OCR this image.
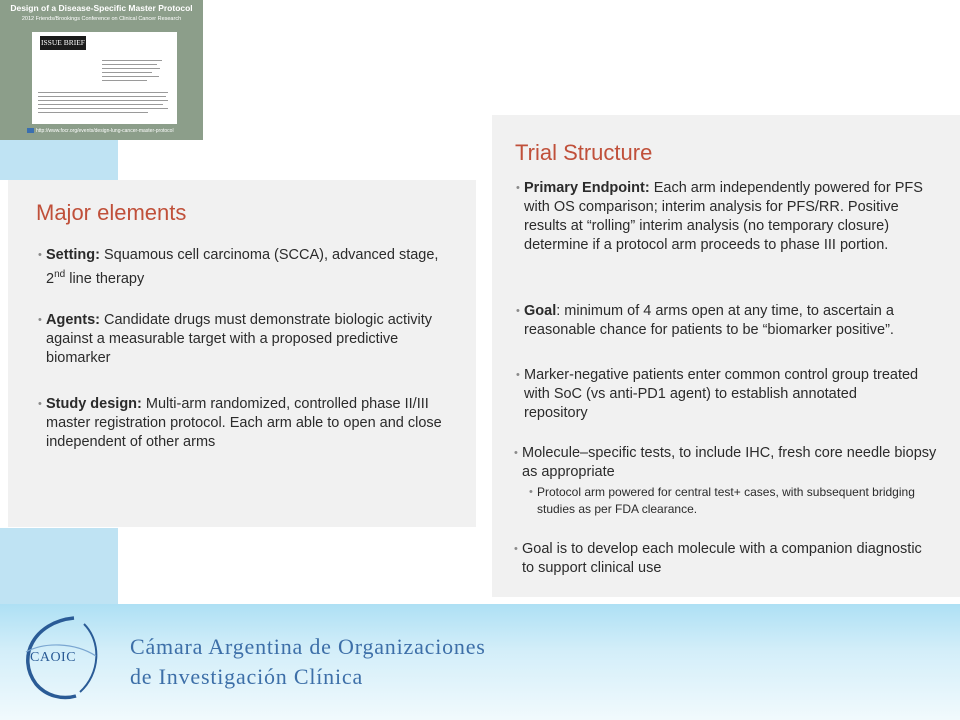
Design of a Disease-Specific Master Protocol
2012 Friends/Brookings Conference on Clinical Cancer Research
ISSUE BRIEF
http://www.focr.org/events/design-lung-cancer-master-protocol
Major elements
• Setting: Squamous cell carcinoma (SCCA), advanced stage, 2nd line therapy
• Agents: Candidate drugs must demonstrate biologic activity against a measurable target with a proposed predictive biomarker
• Study design: Multi-arm randomized, controlled phase II/III master registration protocol. Each arm able to open and close independent of other arms
Trial Structure
• Primary Endpoint: Each arm independently powered for PFS with OS comparison; interim analysis for PFS/RR. Positive results at “rolling” interim analysis (no temporary closure) determine if a protocol arm proceeds to phase III portion.
• Goal: minimum of 4 arms open at any time, to ascertain a reasonable chance for patients to be “biomarker positive”.
• Marker-negative patients enter common control group treated with SoC (vs anti-PD1 agent) to establish annotated repository
• Molecule–specific tests, to include IHC, fresh core needle biopsy as appropriate
• Protocol arm powered for central test+ cases, with subsequent bridging studies as per FDA clearance.
• Goal is to develop each molecule with a companion diagnostic to support clinical use
CAOIC Cámara Argentina de Organizaciones
de Investigación Clínica
